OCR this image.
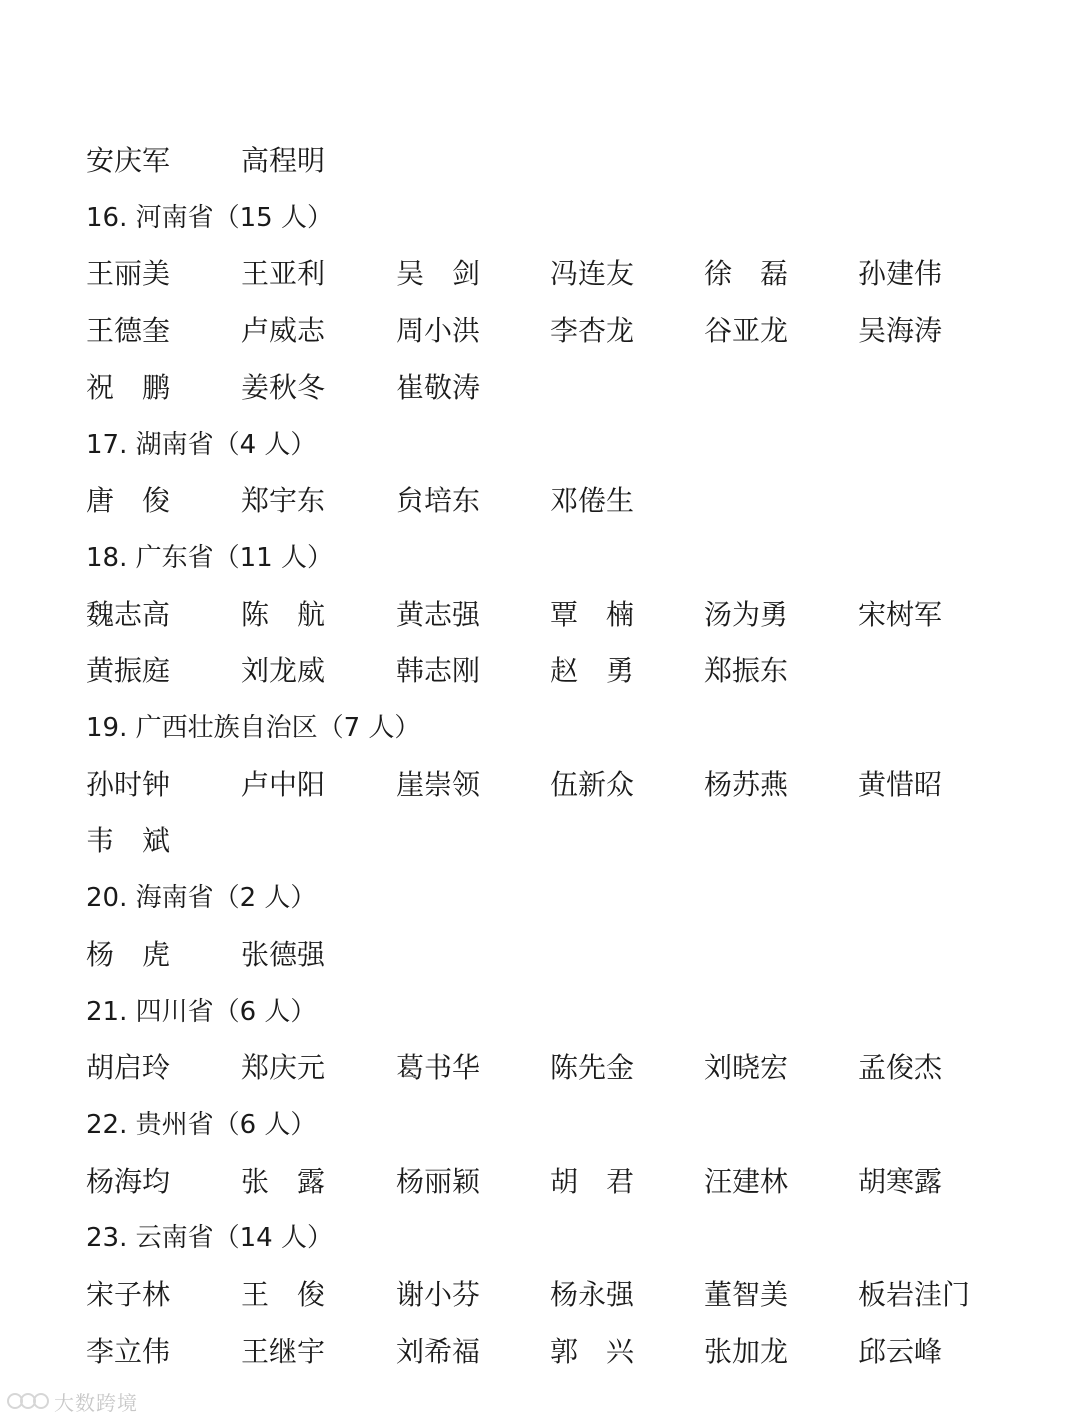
大数跨境
安庆军	高程明
16. 河南省（15 人）
王丽美	王亚利	吴　剑 冯连友 徐　磊 孙建伟
王德奎	卢威志	周小洪 李杏龙 谷亚龙 吴海涛
祝　鹏	姜秋冬	崔敬涛
17. 湖南省（4 人）
唐　俊	郑宇东	贠培东 邓倦生
18. 广东省（11 人）
魏志高	陈　航	黄志强 覃　楠 汤为勇 宋树军
黄振庭	刘龙威	韩志刚 赵　勇 郑振东
19. 广西壮族自治区（7 人）
孙时钟	卢中阳	崖崇领 伍新众 杨苏燕 黄惜昭
韦　斌
20. 海南省（2 人）
杨　虎	张德强
21. 四川省（6 人）
胡启玲	郑庆元	葛书华 陈先金 刘晓宏 孟俊杰
22. 贵州省（6 人）
杨海均	张　露	杨丽颖 胡　君 汪建林 胡寒露
23. 云南省（14 人）
宋子林	王　俊	谢小芬 杨永强 董智美 板岩洼门
李立伟	王继宇	刘希福 郭　兴 张加龙 邱云峰
